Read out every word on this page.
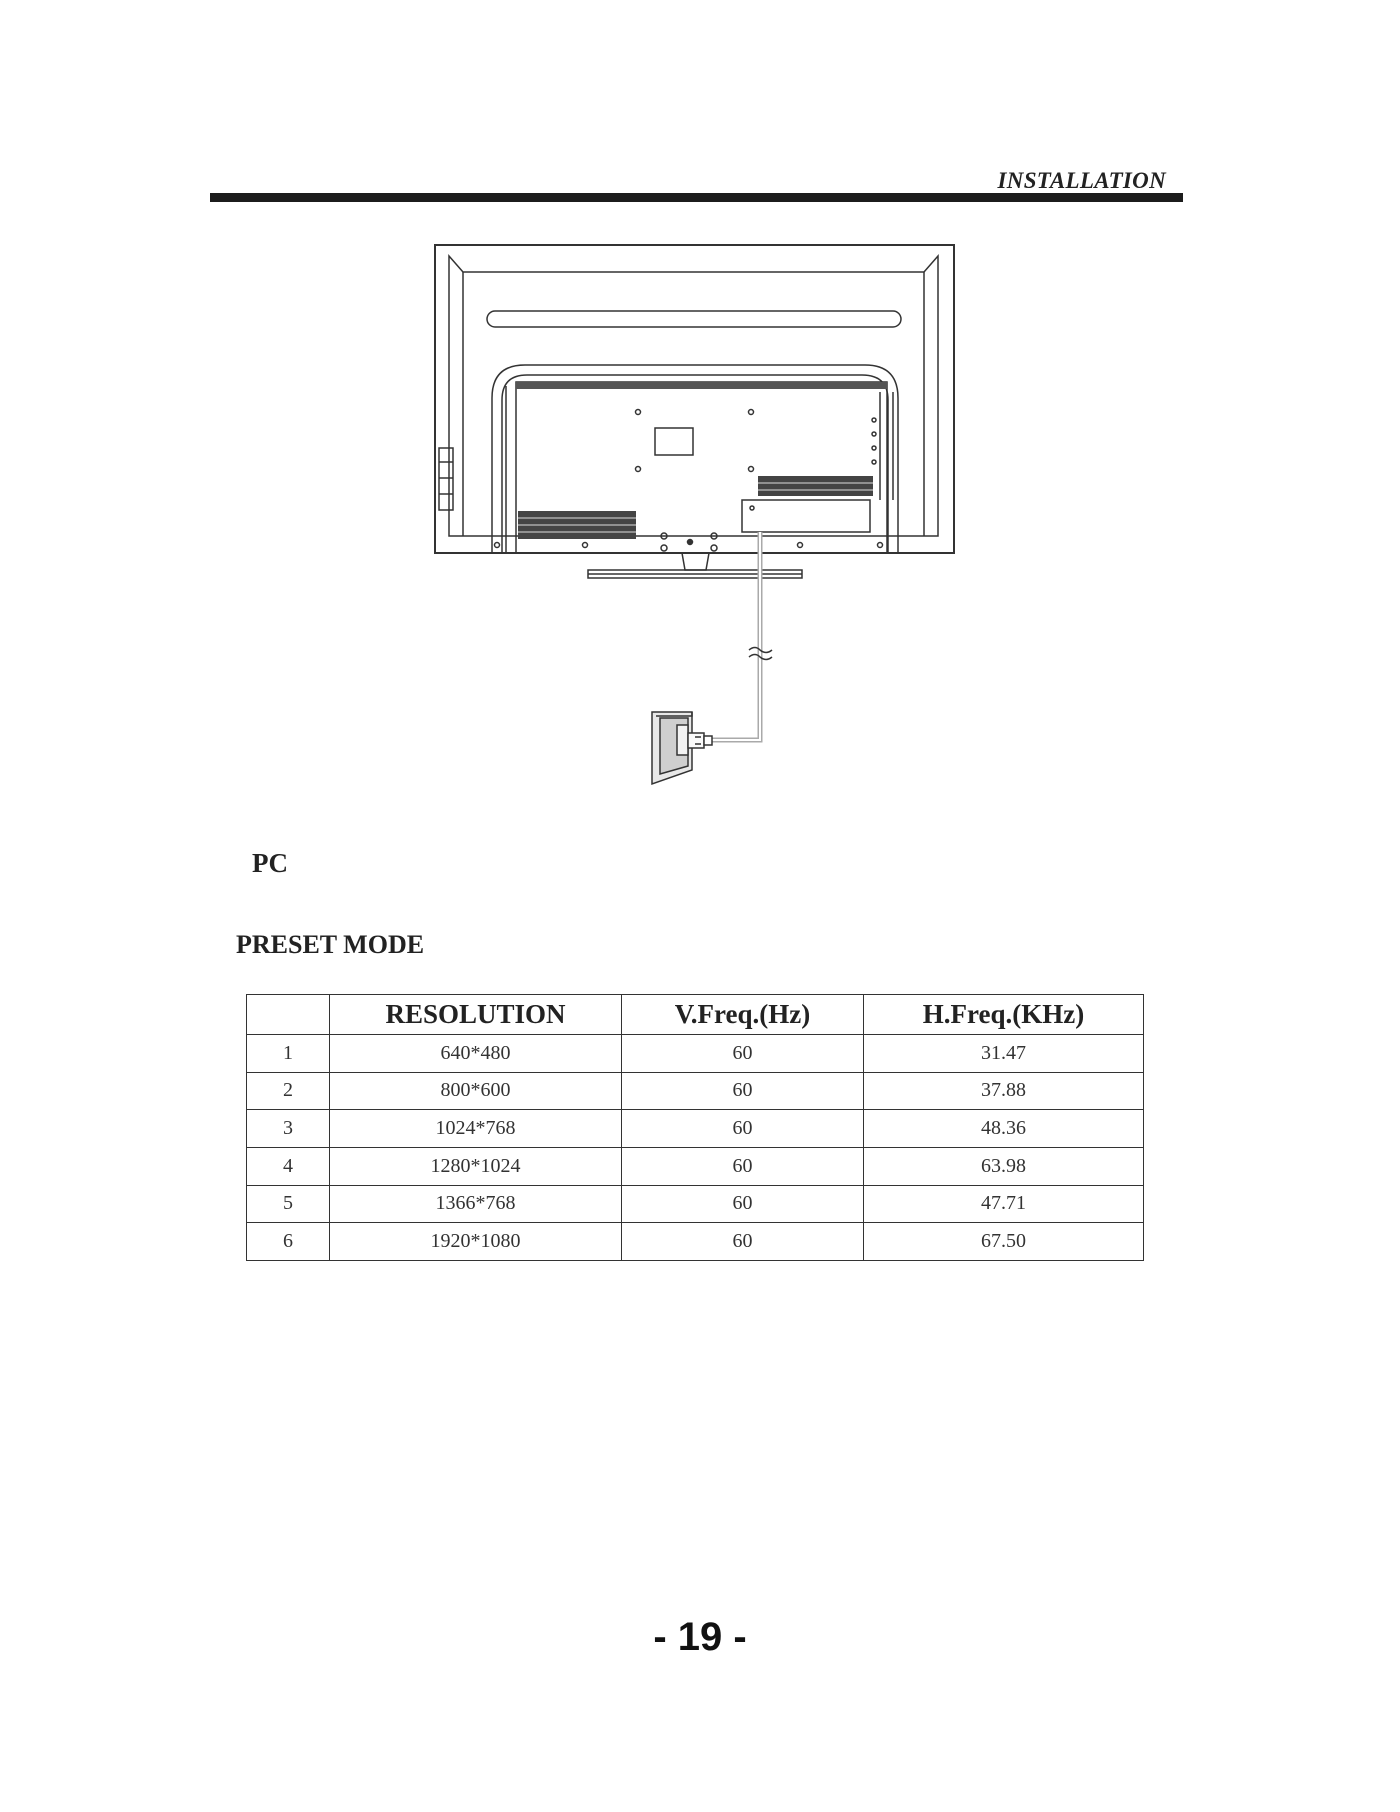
INSTALLATION
PC
PRESET MODE
	RESOLUTION	V.Freq.(Hz)	H.Freq.(KHz)
1	640*480	60	31.47
2	800*600	60	37.88
3	1024*768	60	48.36
4	1280*1024	60	63.98
5	1366*768	60	47.71
6	1920*1080	60	67.50
- 19 -
